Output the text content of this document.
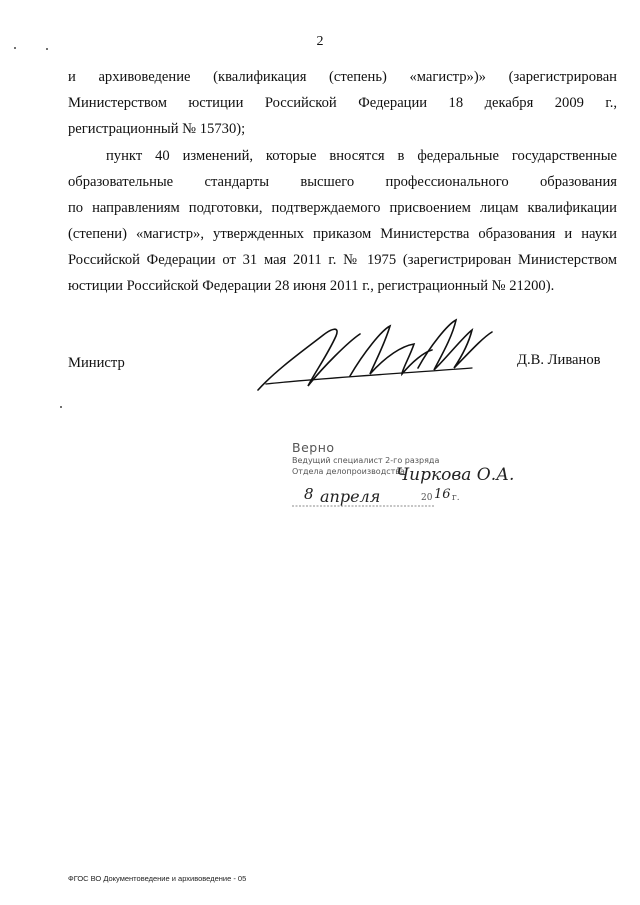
2
и архивоведение (квалификация (степень) «магистр»)» (зарегистрирован
Министерством юстиции Российской Федерации 18 декабря 2009 г.,
регистрационный № 15730);
пункт 40 изменений, которые вносятся в федеральные государственные
образовательные стандарты высшего профессионального образования
по направлениям подготовки, подтверждаемого присвоением лицам квалификации
(степени) «магистр», утвержденных приказом Министерства образования и науки
Российской Федерации от 31 мая 2011 г. № 1975 (зарегистрирован Министерством
юстиции Российской Федерации 28 июня 2011 г., регистрационный № 21200).
Министр	Д.В. Ливанов
Верно
Ведущий специалист 2-го разряда
Отдела делопроизводства
Чиркова О.А.
8 апреля	20 16 г.
ФГОС ВО Документоведение и архивоведение - 05
